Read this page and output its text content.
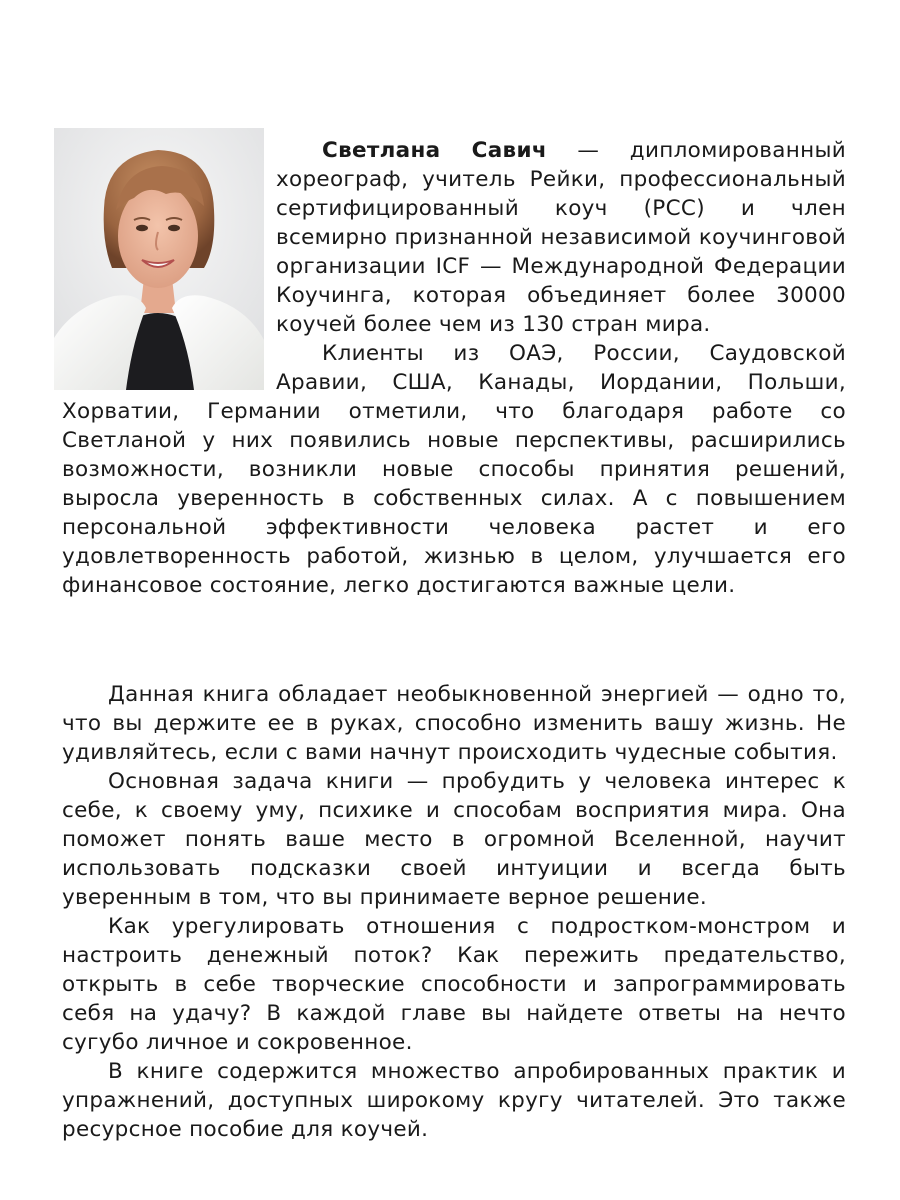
Светлана Савич — дипломированный хореограф, учитель Рейки, профессиональный сертифицированный коуч (PCC) и член всемирно признанной независимой коучинговой организации ICF — Международной Федерации Коучинга, которая объединяет более 30000 коучей более чем из 130 стран мира.

Клиенты из ОАЭ, России, Саудовской Аравии, США, Канады, Иордании, Польши, Хорватии, Германии отметили, что благодаря работе со Светланой у них появились новые перспективы, расширились возможности, возникли новые способы принятия решений, выросла уверенность в собственных силах. А с повышением персональной эффективности человека растет и его удовлетворенность работой, жизнью в целом, улучшается его финансовое состояние, легко достигаются важные цели.

Данная книга обладает необыкновенной энергией — одно то, что вы держите ее в руках, способно изменить вашу жизнь. Не удивляйтесь, если с вами начнут происходить чудесные события.

Основная задача книги — пробудить у человека интерес к себе, к своему уму, психике и способам восприятия мира. Она поможет понять ваше место в огромной Вселенной, научит использовать подсказки своей интуиции и всегда быть уверенным в том, что вы принимаете верное решение.

Как урегулировать отношения с подростком-монстром и настроить денежный поток? Как пережить предательство, открыть в себе творческие способности и запрограммировать себя на удачу? В каждой главе вы найдете ответы на нечто сугубо личное и сокровенное.

В книге содержится множество апробированных практик и упражнений, доступных широкому кругу читателей. Это также ресурсное пособие для коучей.
